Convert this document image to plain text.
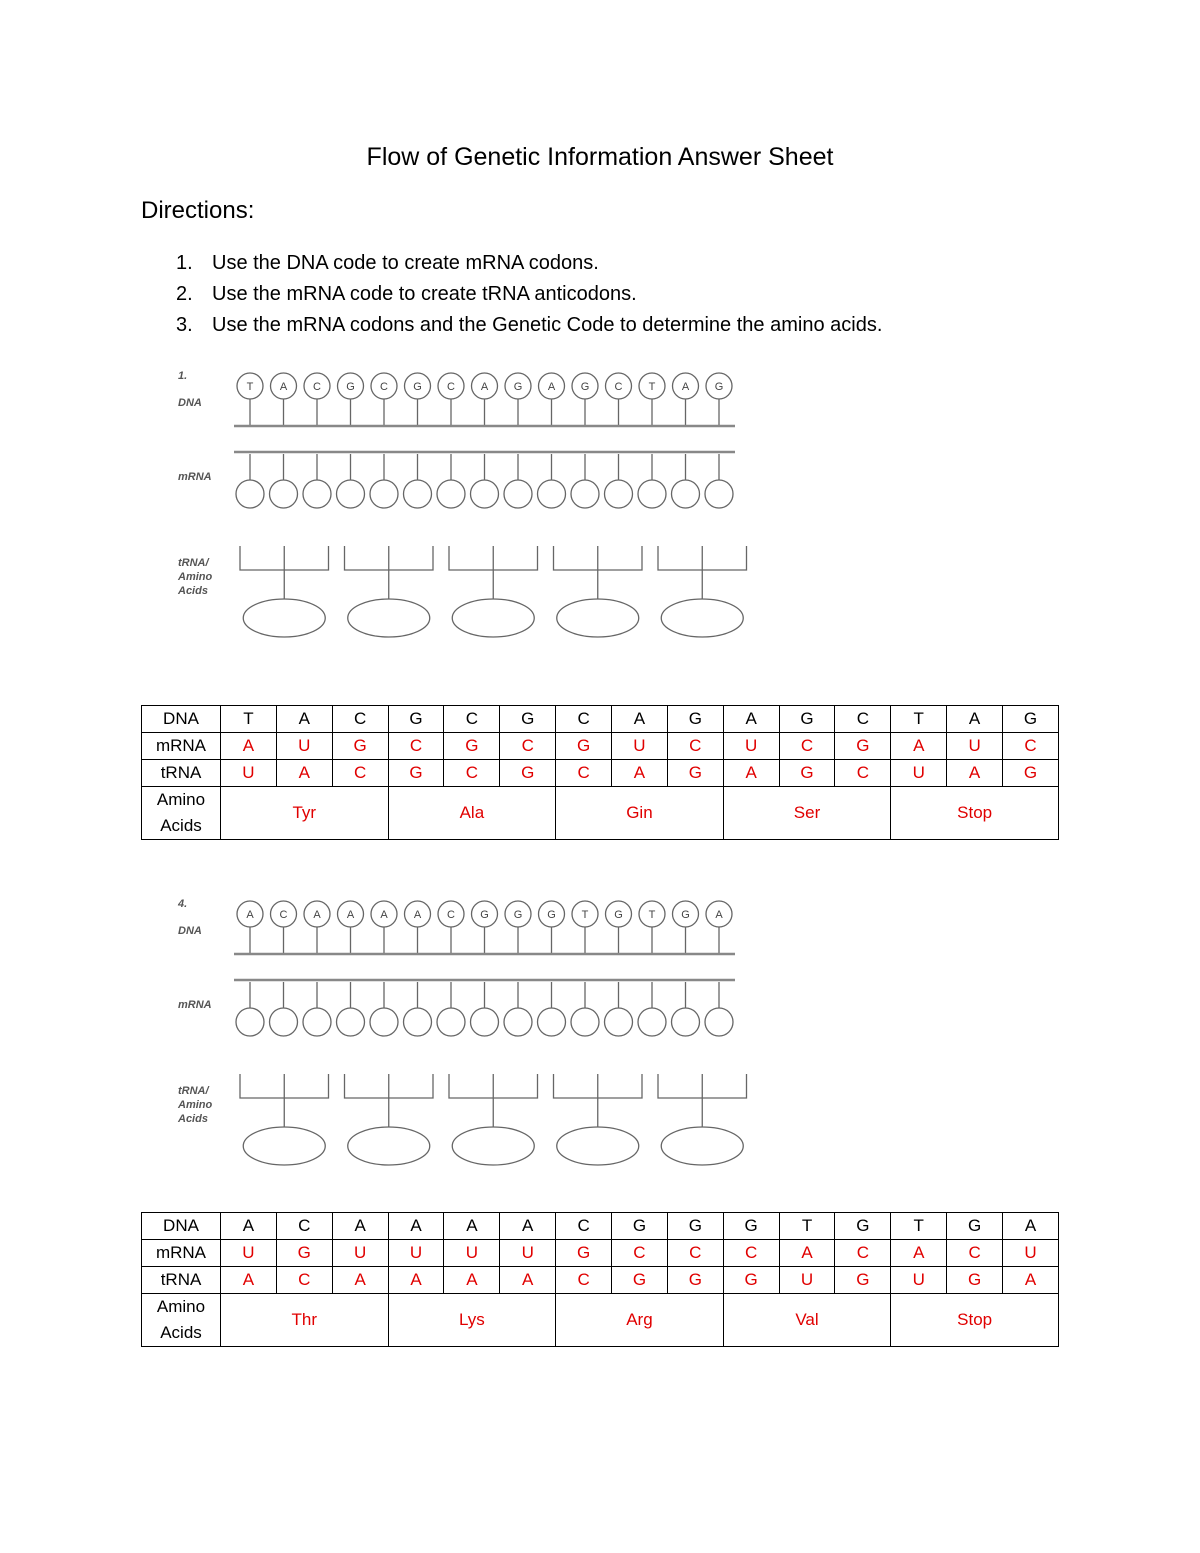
Flow of Genetic Information Answer Sheet
Directions:
1. Use the DNA code to create mRNA codons.
2. Use the mRNA code to create tRNA anticodons.
3. Use the mRNA codons and the Genetic Code to determine the amino acids.
1.
DNA
mRNA
tRNA/
Amino
Acids
T A C G C G C A G A G C T A G
DNA	T	A	C	G	C	G	C	A	G	A	G	C	T	A	G
mRNA	A	U	G	C	G	C	G	U	C	U	C	G	A	U	C
tRNA	U	A	C	G	C	G	C	A	G	A	G	C	U	A	G

Amino
Acids	Tyr			Ala			Gin			Ser			Stop		
4.
DNA
mRNA
tRNA/
Amino
Acids
A C A A A A C G G G T G T G A
DNA	A	C	A	A	A	A	C	G	G	G	T	G	T	G	A
mRNA	U	G	U	U	U	U	G	C	C	C	A	C	A	C	U
tRNA	A	C	A	A	A	A	C	G	G	G	U	G	U	G	A

Amino
Acids	Thr			Lys			Arg			Val			Stop		
